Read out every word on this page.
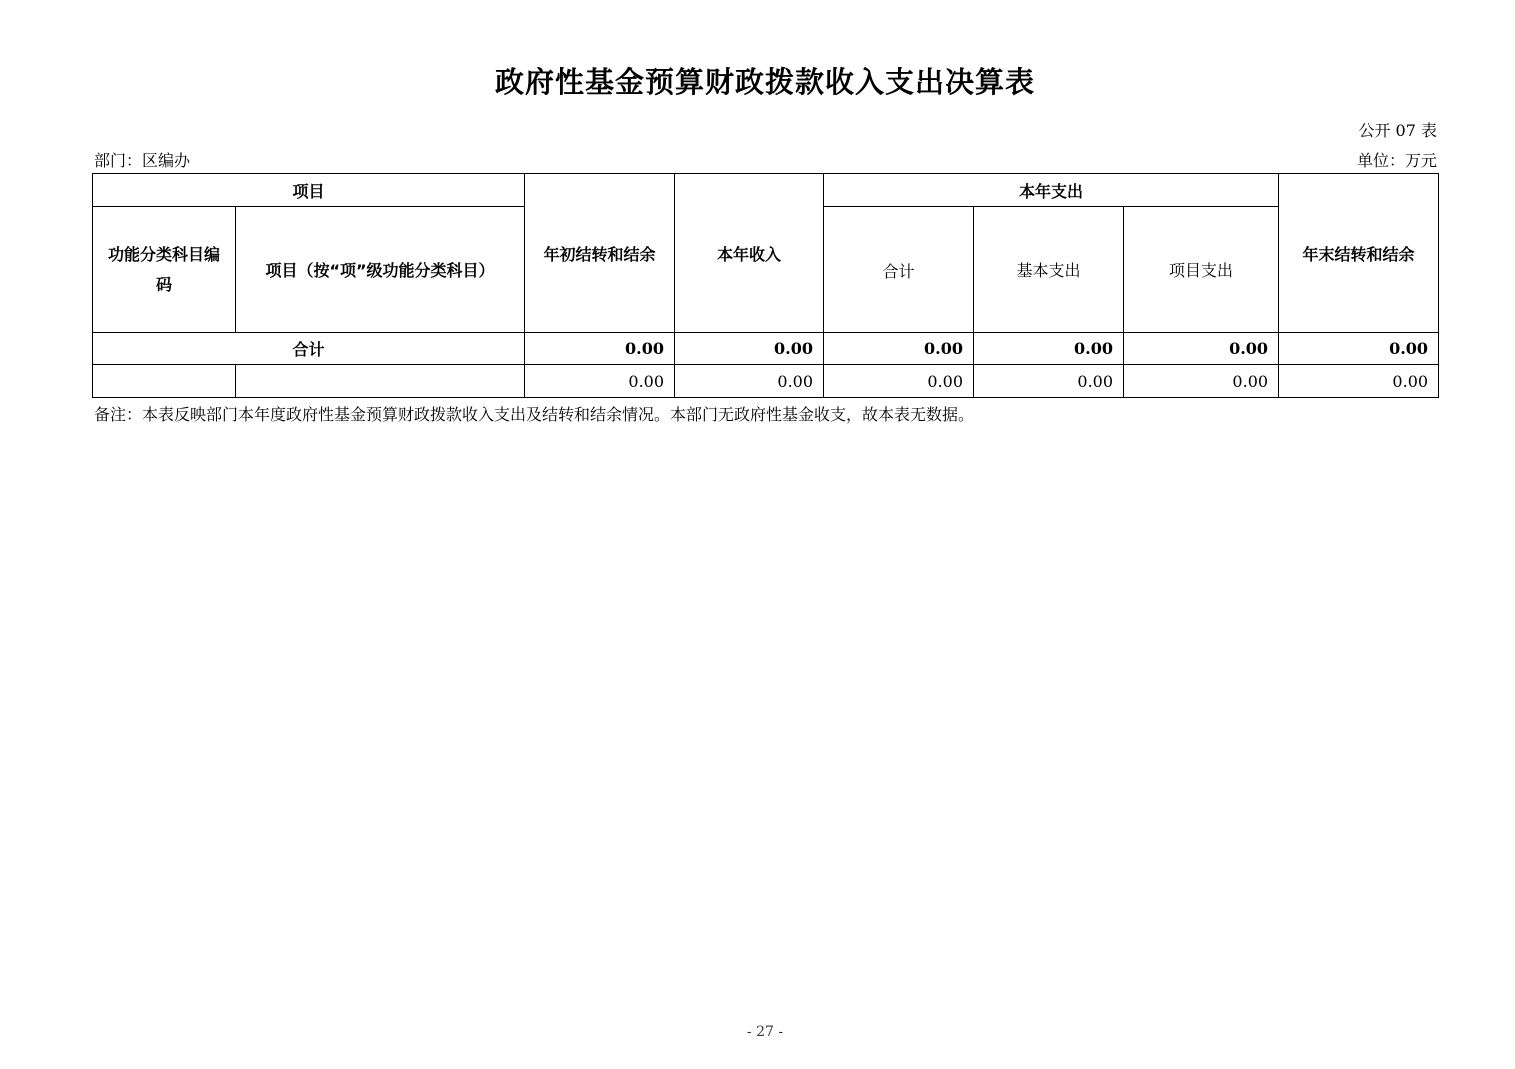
政府性基金预算财政拨款收入支出决算表
公开 07 表
部门：区编办	单位：万元
项目		年初结转和结余	本年收入	本年支出			年末结转和结余
功能分类科目编码	项目（按“项”级功能分类科目）			合计	基本支出	项目支出	
合计		0.00	0.00	0.00	0.00	0.00	0.00
		0.00	0.00	0.00	0.00	0.00	0.00
备注：本表反映部门本年度政府性基金预算财政拨款收入支出及结转和结余情况。本部门无政府性基金收支，故本表无数据。
- 27 -
